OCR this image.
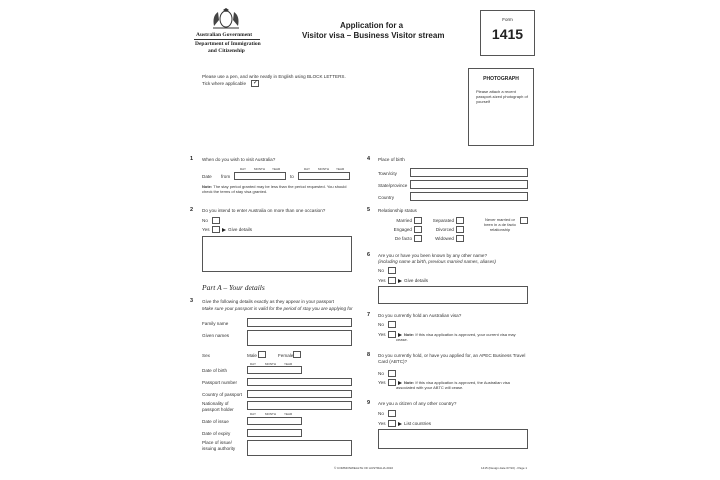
Australian Government
Department of Immigration
and Citizenship
Application for a
Visitor visa – Business Visitor stream
Form
1415
Please use a pen, and write neatly in English using BLOCK LETTERS.
Tick where applicable ✓
PHOTOGRAPH
Please attach a recent passport-sized photograph of yourself
1 When do you wish to visit Australia?
DAY	MONTH YEAR	DAY	MONTH YEAR
Date from	to
Note: The stay period granted may be less than the period requested. You should check the terms of stay visa granted.
2 Do you intend to enter Australia on more than one occasion?
No
Yes	Give details
Part A – Your details
3 Give the following details exactly as they appear in your passport
Make sure your passport is valid for the period of stay you are applying for
Family name
Given names
Sex	Male	Female
DAY	MONTH	YEAR
Date of birth
Passport number
Country of passport
Nationality of passport holder
DAY	MONTH	YEAR
Date of issue
Date of expiry
Place of issue/ issuing authority
4 Place of birth
Town/city
State/province
Country
5 Relationship status
Married	Separated	Never married or been in a de facto relationship
Engaged	Divorced
De facto	Widowed
6 Are you or have you been known by any other name?
(including name at birth, previous married names, aliases)
No
Yes	Give details
7 Do you currently hold an Australian visa?
No
Yes	Note: If this visa application is approved, your current visa may cease.
8 Do you currently hold, or have you applied for, an APEC Business Travel Card (ABTC)?
No
Yes	Note: If this visa application is approved, the Australian visa associated with your ABTC will cease.
9 Are you a citizen of any other country?
No
Yes	List countries
© COMMONWEALTH OF AUSTRALIA 2010	1415 (Design date 07/10) - Page 1
